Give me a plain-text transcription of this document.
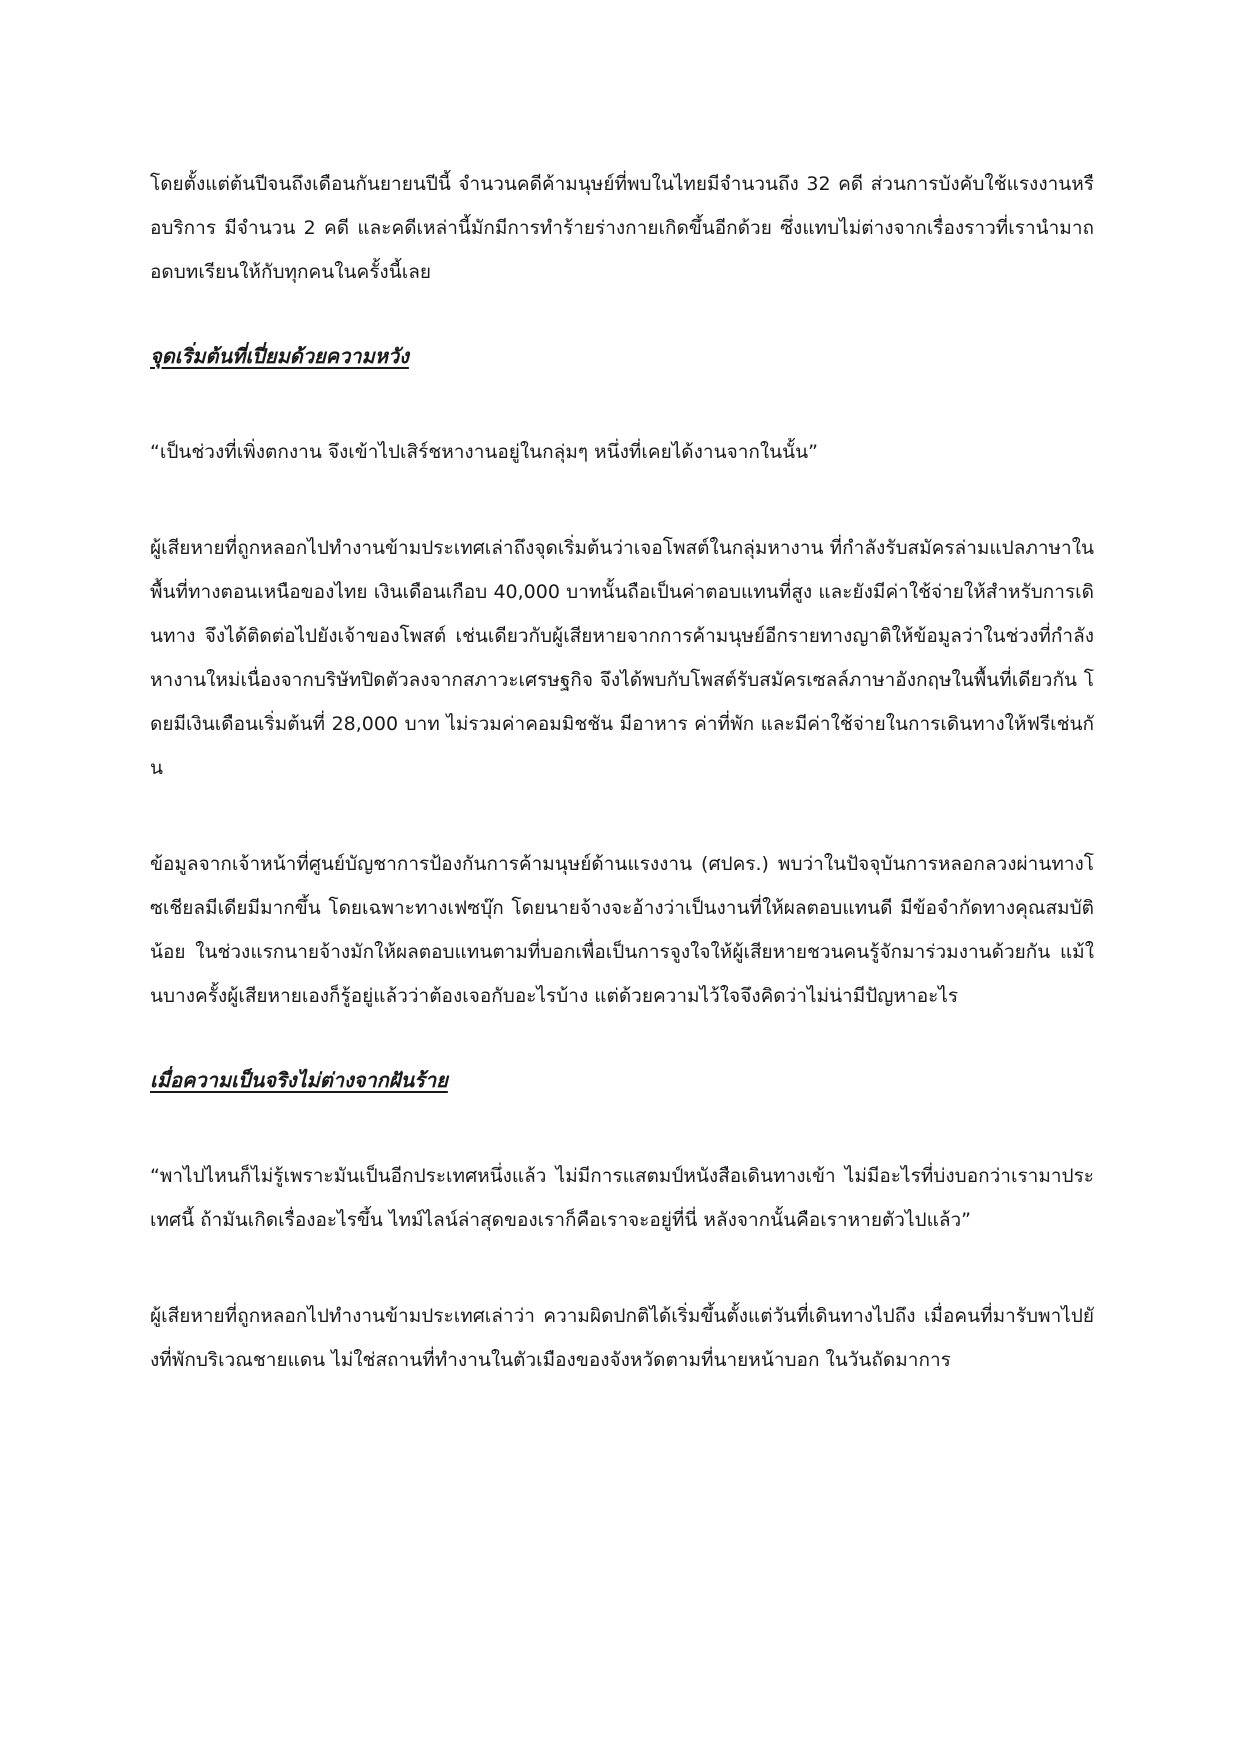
โดยตั้งแต่ต้นปีจนถึงเดือนกันยายนปีนี้ จำนวนคดีค้ามนุษย์ที่พบในไทยมีจำนวนถึง 32 คดี ส่วนการบังคับใช้แรงงานหรือบริการ มีจำนวน 2 คดี และคดีเหล่านี้มักมีการทำร้ายร่างกายเกิดขึ้นอีกด้วย ซึ่งแทบไม่ต่างจากเรื่องราวที่เรานำมาถอดบทเรียนให้กับทุกคนในครั้งนี้เลย

จุดเริ่มต้นที่เปี่ยมด้วยความหวัง

“เป็นช่วงที่เพิ่งตกงาน จึงเข้าไปเสิร์ชหางานอยู่ในกลุ่มๆ หนึ่งที่เคยได้งานจากในนั้น”

ผู้เสียหายที่ถูกหลอกไปทำงานข้ามประเทศเล่าถึงจุดเริ่มต้นว่าเจอโพสต์ในกลุ่มหางาน ที่กำลังรับสมัครล่ามแปลภาษาในพื้นที่ทางตอนเหนือของไทย เงินเดือนเกือบ 40,000 บาทนั้นถือเป็นค่าตอบแทนที่สูง และยังมีค่าใช้จ่ายให้สำหรับการเดินทาง จึงได้ติดต่อไปยังเจ้าของโพสต์ เช่นเดียวกับผู้เสียหายจากการค้ามนุษย์อีกรายทางญาติให้ข้อมูลว่าในช่วงที่กำลังหางานใหม่เนื่องจากบริษัทปิดตัวลงจากสภาวะเศรษฐกิจ จึงได้พบกับโพสต์รับสมัครเซลล์ภาษาอังกฤษในพื้นที่เดียวกัน โดยมีเงินเดือนเริ่มต้นที่ 28,000 บาท ไม่รวมค่าคอมมิชชัน มีอาหาร ค่าที่พัก และมีค่าใช้จ่ายในการเดินทางให้ฟรีเช่นกัน

ข้อมูลจากเจ้าหน้าที่ศูนย์บัญชาการป้องกันการค้ามนุษย์ด้านแรงงาน (ศปคร.) พบว่าในปัจจุบันการหลอกลวงผ่านทางโซเชียลมีเดียมีมากขึ้น โดยเฉพาะทางเฟซบุ๊ก โดยนายจ้างจะอ้างว่าเป็นงานที่ให้ผลตอบแทนดี มีข้อจำกัดทางคุณสมบัติน้อย ในช่วงแรกนายจ้างมักให้ผลตอบแทนตามที่บอกเพื่อเป็นการจูงใจให้ผู้เสียหายชวนคนรู้จักมาร่วมงานด้วยกัน แม้ในบางครั้งผู้เสียหายเองก็รู้อยู่แล้วว่าต้องเจอกับอะไรบ้าง แต่ด้วยความไว้ใจจึงคิดว่าไม่น่ามีปัญหาอะไร

เมื่อความเป็นจริงไม่ต่างจากฝันร้าย

“พาไปไหนก็ไม่รู้เพราะมันเป็นอีกประเทศหนึ่งแล้ว ไม่มีการแสตมป์หนังสือเดินทางเข้า ไม่มีอะไรที่บ่งบอกว่าเรามาประเทศนี้ ถ้ามันเกิดเรื่องอะไรขึ้น ไทม์ไลน์ล่าสุดของเราก็คือเราจะอยู่ที่นี่ หลังจากนั้นคือเราหายตัวไปแล้ว”

ผู้เสียหายที่ถูกหลอกไปทำงานข้ามประเทศเล่าว่า ความผิดปกติได้เริ่มขึ้นตั้งแต่วันที่เดินทางไปถึง เมื่อคนที่มารับพาไปยังที่พักบริเวณชายแดน ไม่ใช่สถานที่ทำงานในตัวเมืองของจังหวัดตามที่นายหน้าบอก ในวันถัดมาการ
